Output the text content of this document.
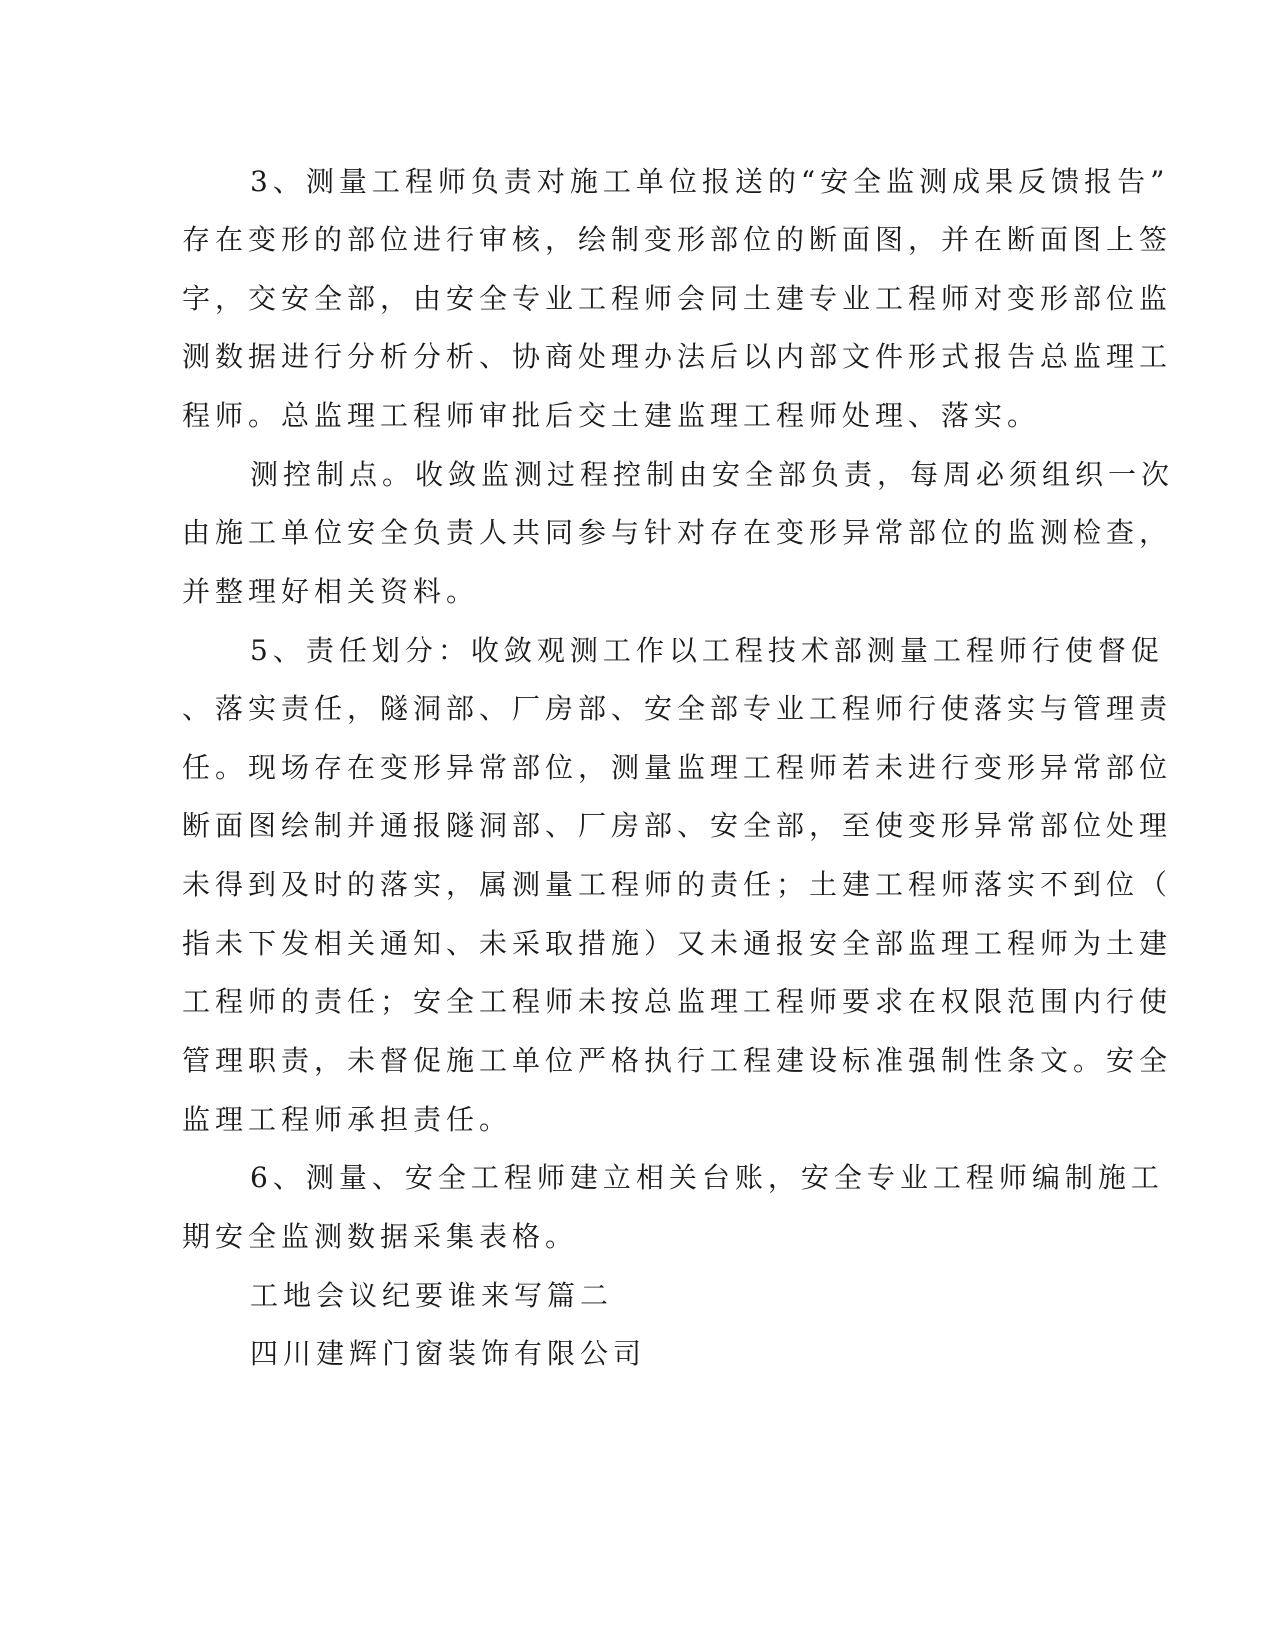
3、测量工程师负责对施工单位报送的“安全监测成果反馈报告”
存在变形的部位进行审核，绘制变形部位的断面图，并在断面图上签
字，交安全部，由安全专业工程师会同土建专业工程师对变形部位监
测数据进行分析分析、协商处理办法后以内部文件形式报告总监理工
程师。总监理工程师审批后交土建监理工程师处理、落实。
测控制点。收敛监测过程控制由安全部负责，每周必须组织一次
由施工单位安全负责人共同参与针对存在变形异常部位的监测检查，
并整理好相关资料。
5、责任划分：收敛观测工作以工程技术部测量工程师行使督促
、落实责任，隧洞部、厂房部、安全部专业工程师行使落实与管理责
任。现场存在变形异常部位，测量监理工程师若未进行变形异常部位
断面图绘制并通报隧洞部、厂房部、安全部，至使变形异常部位处理
未得到及时的落实，属测量工程师的责任；土建工程师落实不到位（
指未下发相关通知、未采取措施）又未通报安全部监理工程师为土建
工程师的责任；安全工程师未按总监理工程师要求在权限范围内行使
管理职责，未督促施工单位严格执行工程建设标准强制性条文。安全
监理工程师承担责任。
6、测量、安全工程师建立相关台账，安全专业工程师编制施工
期安全监测数据采集表格。
工地会议纪要谁来写篇二
四川建辉门窗装饰有限公司
